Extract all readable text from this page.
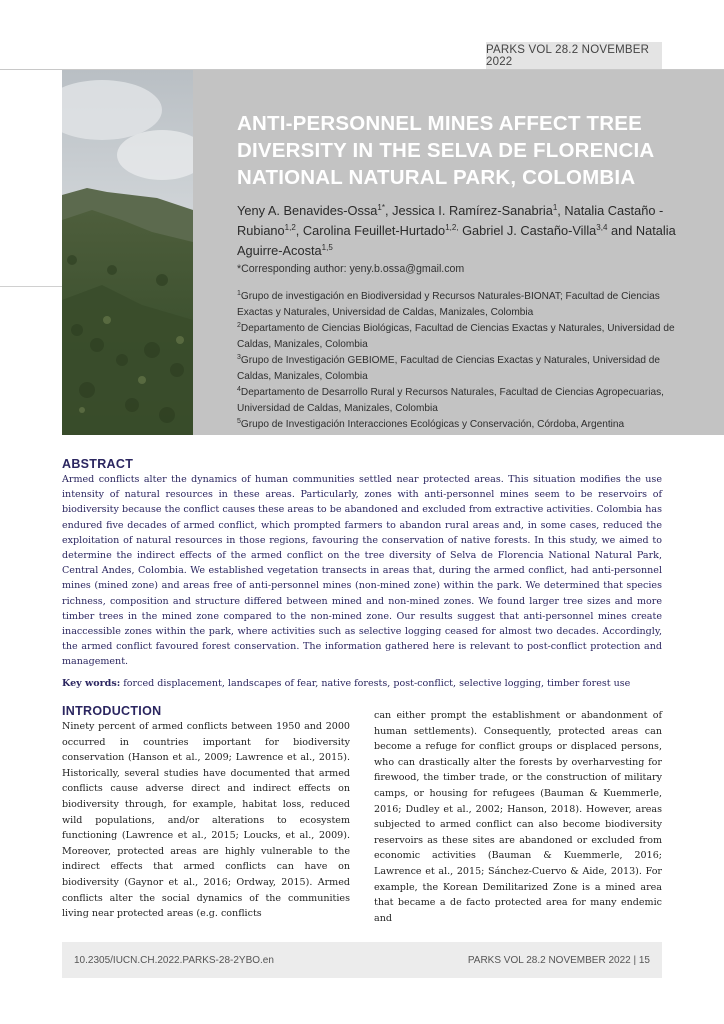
PARKS VOL 28.2 NOVEMBER 2022
ANTI-PERSONNEL MINES AFFECT TREE DIVERSITY IN THE SELVA DE FLORENCIA NATIONAL NATURAL PARK, COLOMBIA
Yeny A. Benavides-Ossa$^{1*}$, Jessica I. Ramírez-Sanabria$^1$, Natalia Castaño -Rubiano$^{1,2}$, Carolina Feuillet-Hurtado$^{1,2,}$ Gabriel J. Castaño-Villa$^{3,4}$ and Natalia Aguirre-Acosta$^{1,5}$
*Corresponding author: yeny.b.ossa@gmail.com
$^1$Grupo de investigación en Biodiversidad y Recursos Naturales-BIONAT; Facultad de Ciencias Exactas y Naturales, Universidad de Caldas, Manizales, Colombia
$^2$Departamento de Ciencias Biológicas, Facultad de Ciencias Exactas y Naturales, Universidad de Caldas, Manizales, Colombia
$^3$Grupo de Investigación GEBIOME, Facultad de Ciencias Exactas y Naturales, Universidad de Caldas, Manizales, Colombia
$^4$Departamento de Desarrollo Rural y Recursos Naturales, Facultad de Ciencias Agropecuarias, Universidad de Caldas, Manizales, Colombia
$^5$Grupo de Investigación Interacciones Ecológicas y Conservación, Córdoba, Argentina
ABSTRACT

Armed conflicts alter the dynamics of human communities settled near protected areas. This situation modifies the use intensity of natural resources in these areas. Particularly, zones with anti-personnel mines seem to be reservoirs of biodiversity because the conflict causes these areas to be abandoned and excluded from extractive activities. Colombia has endured five decades of armed conflict, which prompted farmers to abandon rural areas and, in some cases, reduced the exploitation of natural resources in those regions, favouring the conservation of native forests. In this study, we aimed to determine the indirect effects of the armed conflict on the tree diversity of Selva de Florencia National Natural Park, Central Andes, Colombia. We established vegetation transects in areas that, during the armed conflict, had anti-personnel mines (mined zone) and areas free of anti-personnel mines (non-mined zone) within the park. We determined that species richness, composition and structure differed between mined and non-mined zones. We found larger tree sizes and more timber trees in the mined zone compared to the non-mined zone. Our results suggest that anti-personnel mines create inaccessible zones within the park, where activities such as selective logging ceased for almost two decades. Accordingly, the armed conflict favoured forest conservation. The information gathered here is relevant to post-conflict protection and management.

Key words: forced displacement, landscapes of fear, native forests, post-conflict, selective logging, timber forest use

INTRODUCTION

Ninety percent of armed conflicts between 1950 and 2000 occurred in countries important for biodiversity conservation (Hanson et al., 2009; Lawrence et al., 2015). Historically, several studies have documented that armed conflicts cause adverse direct and indirect effects on biodiversity through, for example, habitat loss, reduced wild populations, and/or alterations to ecosystem functioning (Lawrence et al., 2015; Loucks, et al., 2009). Moreover, protected areas are highly vulnerable to the indirect effects that armed conflicts can have on biodiversity (Gaynor et al., 2016; Ordway, 2015). Armed conflicts alter the social dynamics of the communities living near protected areas (e.g. conflicts

can either prompt the establishment or abandonment of human settlements). Consequently, protected areas can become a refuge for conflict groups or displaced persons, who can drastically alter the forests by overharvesting for firewood, the timber trade, or the construction of military camps, or housing for refugees (Bauman & Kuemmerle, 2016; Dudley et al., 2002; Hanson, 2018). However, areas subjected to armed conflict can also become biodiversity reservoirs as these sites are abandoned or excluded from economic activities (Bauman & Kuemmerle, 2016; Lawrence et al., 2015; Sánchez-Cuervo & Aide, 2013). For example, the Korean Demilitarized Zone is a mined area that became a de facto protected area for many endemic and

10.2305/IUCN.CH.2022.PARKS-28-2YBO.en	PARKS VOL 28.2 NOVEMBER 2022 | 15
